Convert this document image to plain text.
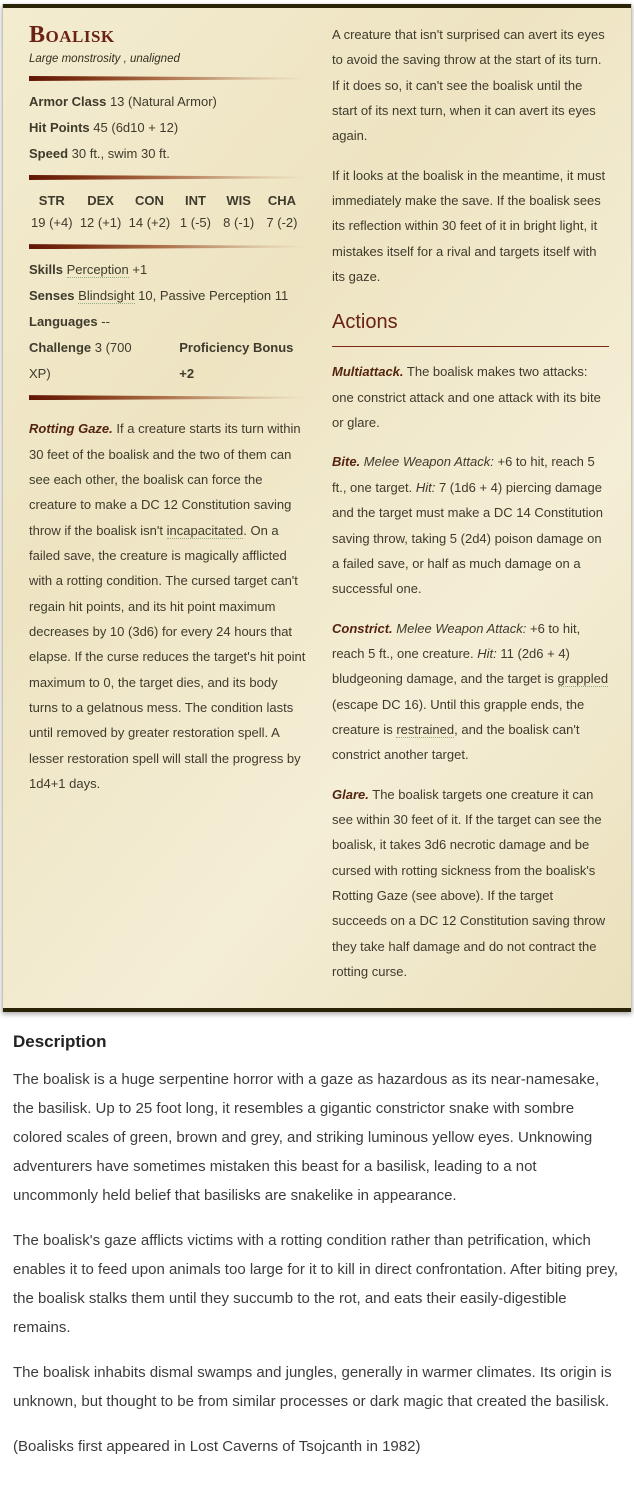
Boalisk
Large monstrosity , unaligned

Armor Class 13 (Natural Armor)

Hit Points 45 (6d10 + 12)

Speed 30 ft., swim 30 ft.

STR
19 (+4)
DEX
12 (+1)
CON
14 (+2)
INT
1 (-5)
WIS
8 (-1)
CHA
7 (-2)

Skills Perception +1

Senses Blindsight 10, Passive Perception 11

Languages --

Challenge 3 (700 XP)
Proficiency Bonus +2

Rotting Gaze. If a creature starts its turn within 30 feet of the boalisk and the two of them can see each other, the boalisk can force the creature to make a DC 12 Constitution saving throw if the boalisk isn't incapacitated. On a failed save, the creature is magically afflicted with a rotting condition. The cursed target can't regain hit points, and its hit point maximum decreases by 10 (3d6) for every 24 hours that elapse. If the curse reduces the target's hit point maximum to 0, the target dies, and its body turns to a gelatnous mess. The condition lasts until removed by greater restoration spell. A lesser restoration spell will stall the progress by 1d4+1 days.

A creature that isn't surprised can avert its eyes to avoid the saving throw at the start of its turn. If it does so, it can't see the boalisk until the start of its next turn, when it can avert its eyes again.

If it looks at the boalisk in the meantime, it must immediately make the save. If the boalisk sees its reflection within 30 feet of it in bright light, it mistakes itself for a rival and targets itself with its gaze.

Actions

Multiattack. The boalisk makes two attacks: one constrict attack and one attack with its bite or glare.

Bite. Melee Weapon Attack: +6 to hit, reach 5 ft., one target. Hit: 7 (1d6 + 4) piercing damage and the target must make a DC 14 Constitution saving throw, taking 5 (2d4) poison damage on a failed save, or half as much damage on a successful one.

Constrict. Melee Weapon Attack: +6 to hit, reach 5 ft., one creature. Hit: 11 (2d6 + 4) bludgeoning damage, and the target is grappled (escape DC 16). Until this grapple ends, the creature is restrained, and the boalisk can't constrict another target.

Glare. The boalisk targets one creature it can see within 30 feet of it. If the target can see the boalisk, it takes 3d6 necrotic damage and be cursed with rotting sickness from the boalisk's Rotting Gaze (see above). If the target succeeds on a DC 12 Constitution saving throw they take half damage and do not contract the rotting curse.

Description

The boalisk is a huge serpentine horror with a gaze as hazardous as its near-namesake, the basilisk. Up to 25 foot long, it resembles a gigantic constrictor snake with sombre colored scales of green, brown and grey, and striking luminous yellow eyes. Unknowing adventurers have sometimes mistaken this beast for a basilisk, leading to a not uncommonly held belief that basilisks are snakelike in appearance.

The boalisk's gaze afflicts victims with a rotting condition rather than petrification, which enables it to feed upon animals too large for it to kill in direct confrontation. After biting prey, the boalisk stalks them until they succumb to the rot, and eats their easily-digestible remains.

The boalisk inhabits dismal swamps and jungles, generally in warmer climates. Its origin is unknown, but thought to be from similar processes or dark magic that created the basilisk.

(Boalisks first appeared in Lost Caverns of Tsojcanth in 1982)
